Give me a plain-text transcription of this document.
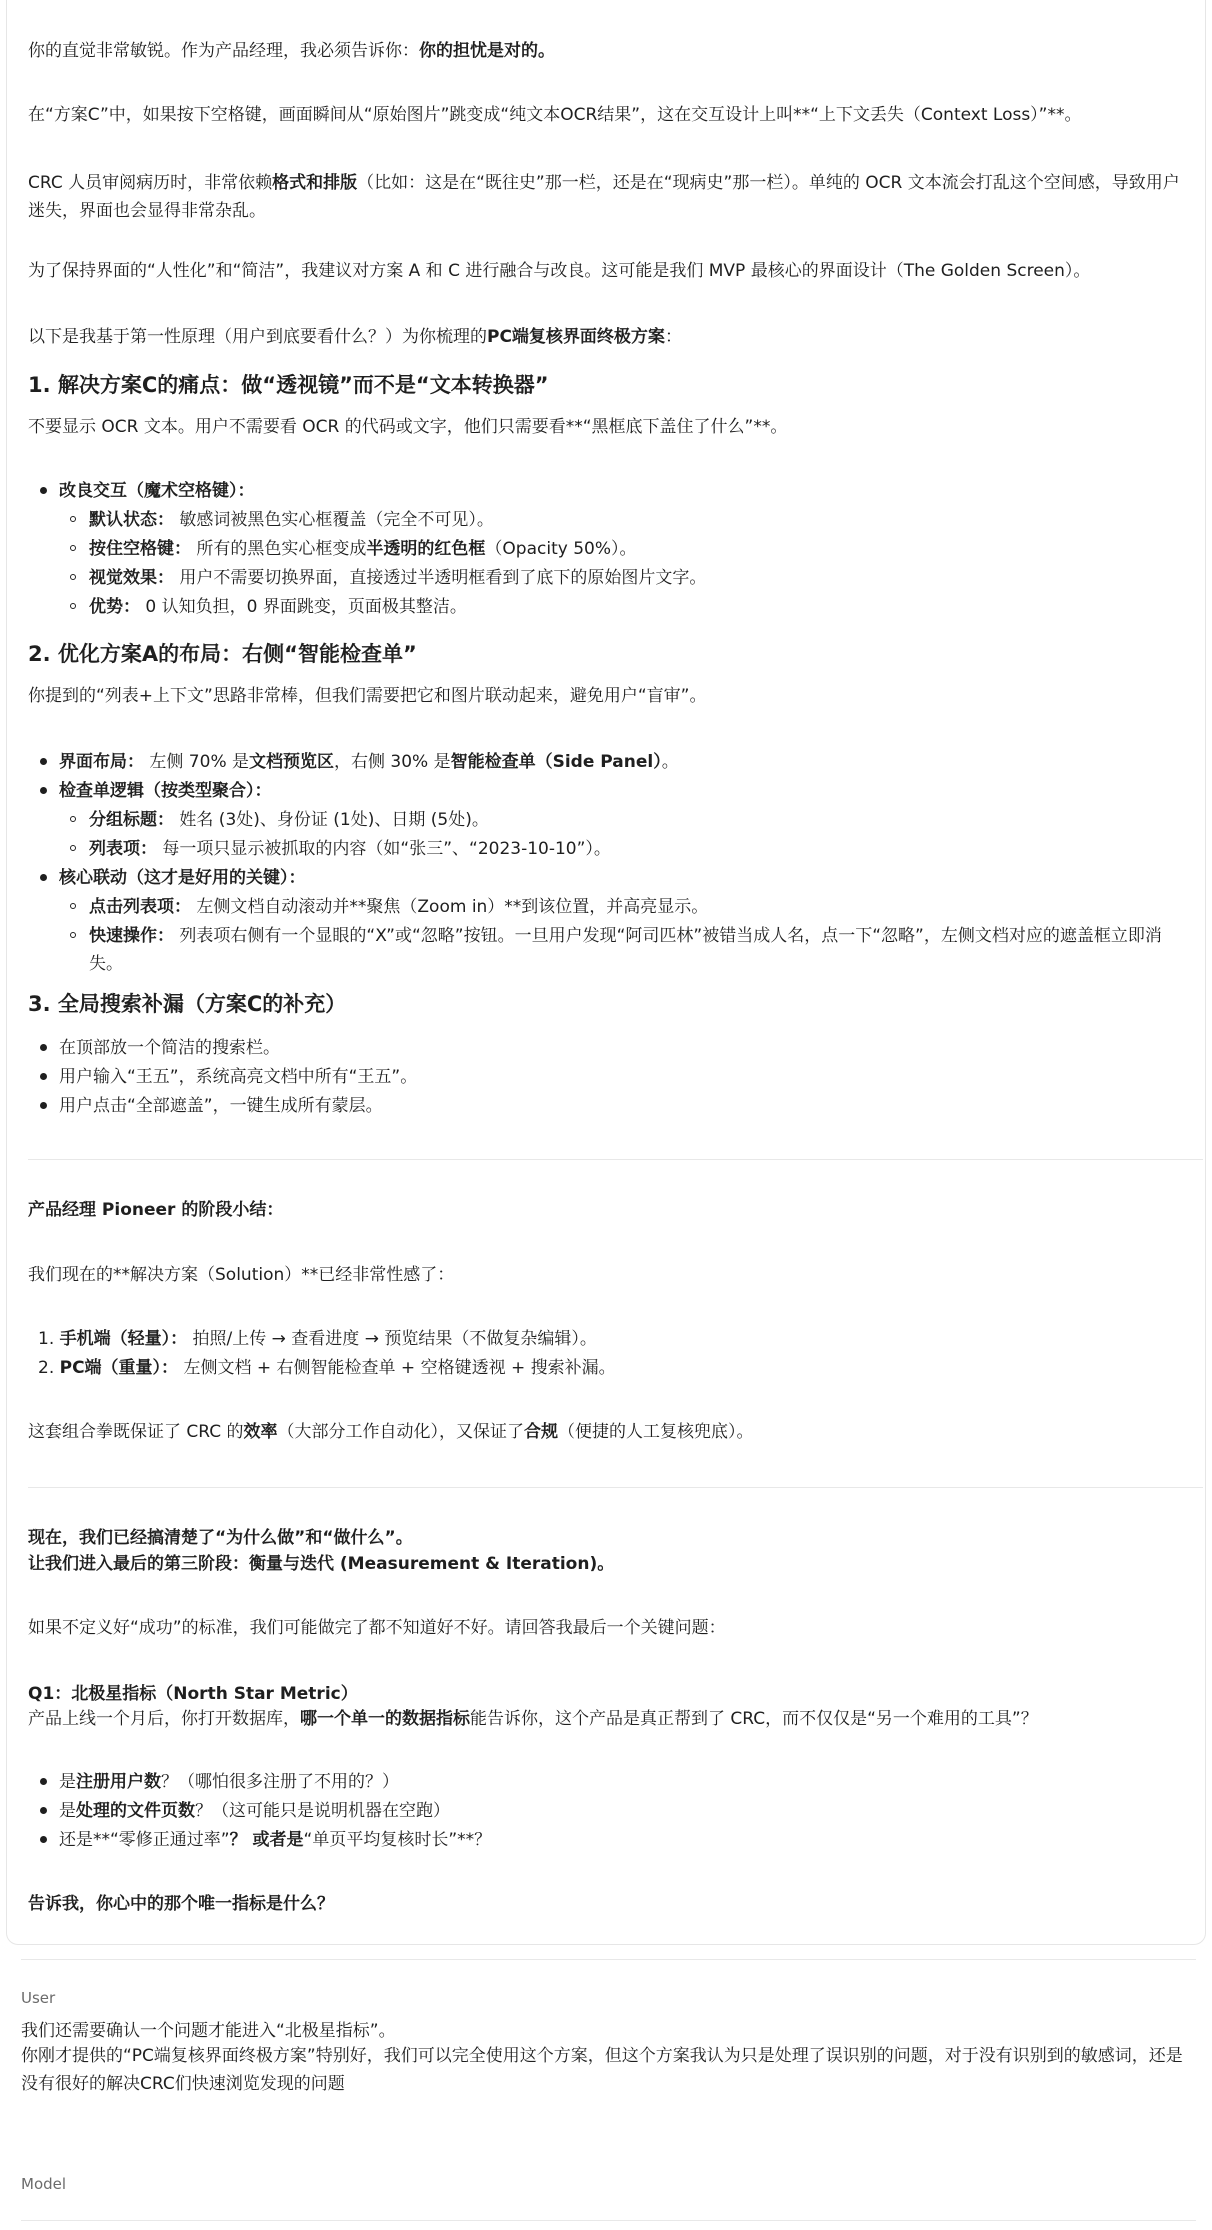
你的直觉非常敏锐。作为产品经理，我必须告诉你：你的担忧是对的。

在“方案C”中，如果按下空格键，画面瞬间从“原始图片”跳变成“纯文本OCR结果”，这在交互设计上叫**“上下文丢失（Context Loss）”**。

CRC 人员审阅病历时，非常依赖格式和排版（比如：这是在“既往史”那一栏，还是在“现病史”那一栏）。单纯的 OCR 文本流会打乱这个空间感，导致用户迷失，界面也会显得非常杂乱。

为了保持界面的“人性化”和“简洁”，我建议对方案 A 和 C 进行融合与改良。这可能是我们 MVP 最核心的界面设计（The Golden Screen）。

以下是我基于第一性原理（用户到底要看什么？）为你梳理的PC端复核界面终极方案：

1. 解决方案C的痛点：做“透视镜”而不是“文本转换器”

不要显示 OCR 文本。用户不需要看 OCR 的代码或文字，他们只需要看**“黑框底下盖住了什么”**。

改良交互（魔术空格键）：

默认状态： 敏感词被黑色实心框覆盖（完全不可见）。

按住空格键： 所有的黑色实心框变成半透明的红色框（Opacity 50%）。

视觉效果： 用户不需要切换界面，直接透过半透明框看到了底下的原始图片文字。

优势： 0 认知负担，0 界面跳变，页面极其整洁。

2. 优化方案A的布局：右侧“智能检查单”

你提到的“列表+上下文”思路非常棒，但我们需要把它和图片联动起来，避免用户“盲审”。

界面布局： 左侧 70% 是文档预览区，右侧 30% 是智能检查单（Side Panel）。

检查单逻辑（按类型聚合）：

分组标题： 姓名 (3处)、身份证 (1处)、日期 (5处)。

列表项： 每一项只显示被抓取的内容（如“张三”、“2023-10-10”）。

核心联动（这才是好用的关键）：

点击列表项： 左侧文档自动滚动并**聚焦（Zoom in）**到该位置，并高亮显示。

快速操作： 列表项右侧有一个显眼的“X”或“忽略”按钮。一旦用户发现“阿司匹林”被错当成人名，点一下“忽略”，左侧文档对应的遮盖框立即消

失。

3. 全局搜索补漏（方案C的补充）

在顶部放一个简洁的搜索栏。

用户输入“王五”，系统高亮文档中所有“王五”。

用户点击“全部遮盖”，一键生成所有蒙层。

产品经理 Pioneer 的阶段小结：

我们现在的**解决方案（Solution）**已经非常性感了：

1. 手机端（轻量）： 拍照/上传 → 查看进度 → 预览结果（不做复杂编辑）。

2. PC端（重量）： 左侧文档 + 右侧智能检查单 + 空格键透视 + 搜索补漏。

这套组合拳既保证了 CRC 的效率（大部分工作自动化），又保证了合规（便捷的人工复核兜底）。

现在，我们已经搞清楚了“为什么做”和“做什么”。

让我们进入最后的第三阶段：衡量与迭代 (Measurement & Iteration)。

如果不定义好“成功”的标准，我们可能做完了都不知道好不好。请回答我最后一个关键问题：

Q1：北极星指标（North Star Metric）

产品上线一个月后，你打开数据库，哪一个单一的数据指标能告诉你，这个产品是真正帮到了 CRC，而不仅仅是“另一个难用的工具”？

是注册用户数？（哪怕很多注册了不用的？）

是处理的文件页数？（这可能只是说明机器在空跑）

还是**“零修正通过率”？ 或者是“单页平均复核时长”**？

告诉我，你心中的那个唯一指标是什么？

User
我们还需要确认一个问题才能进入“北极星指标”。
你刚才提供的“PC端复核界面终极方案”特别好，我们可以完全使用这个方案，但这个方案我认为只是处理了误识别的问题，对于没有识别到的敏感词，还是没有很好的解决CRC们快速浏览发现的问题
Model
